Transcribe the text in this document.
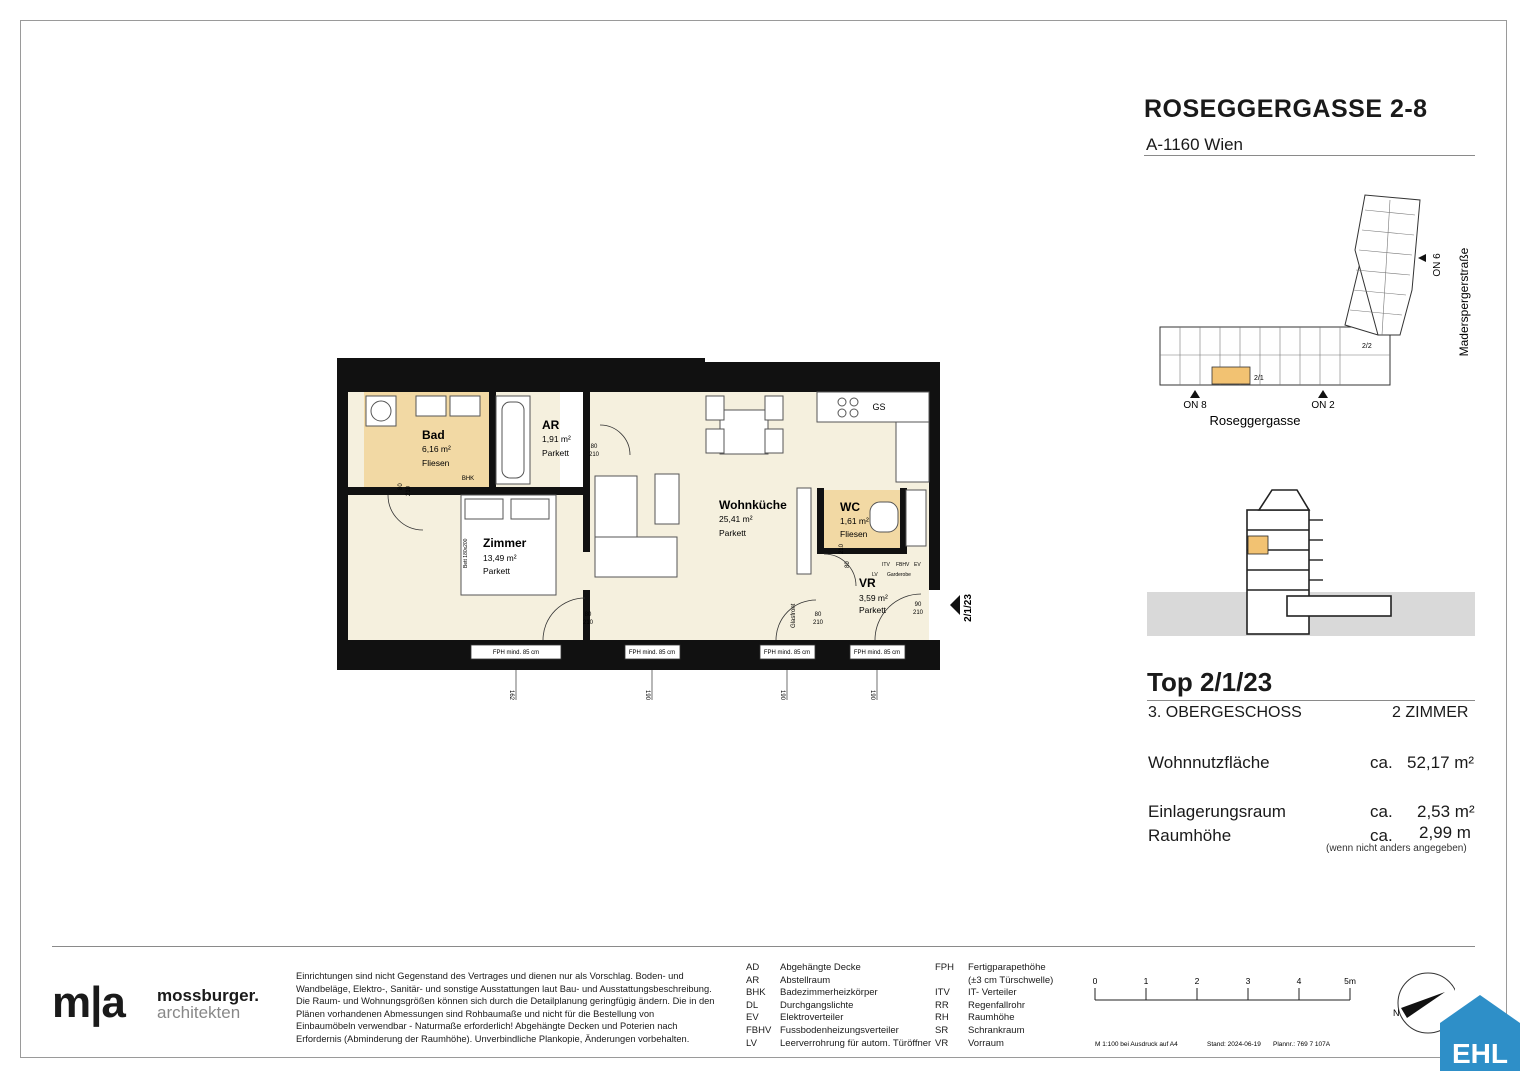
ROSEGGERGASSE 2-8
A-1160 Wien
ON 8	ON 2
ON 6
2/2
2/1
Roseggergasse
Maderspergerstraße
Top 2/1/23
3. OBERGESCHOSS	2 ZIMMER
Wohnnutzfläche	ca. 52,17 m²
Einlagerungsraum	ca. 2,53 m²
Raumhöhe	ca. 2,99 m
(wenn nicht anders angegeben)
FPH mind. 85 cm	FPH mind. 85 cm	FPH mind. 85 cm	FPH mind. 85 cm
162	190	190	190
GS
BHK
Bett 180x200
80
210
80
210
80
210
90
210
80 210
80
210
Glasfront
ITV FBHV EV
LV Garderobe
Bad
AR
Wohnküche	WC
Zimmer
VR
6,16 m²
Fliesen
1,91 m²
Parkett
25,41 m²
Parkett
1,61 m²
Fliesen
13,49 m²
Parkett
3,59 m²
Parkett	2/1/23
m|a mossburger.
architekten
Einrichtungen sind nicht Gegenstand des Vertrages und dienen nur als Vorschlag. Boden- und Wandbeläge, Elektro-, Sanitär- und sonstige Ausstattungen laut Bau- und Ausstattungsbeschreibung. Die Raum- und Wohnungsgrößen können sich durch die Detailplanung geringfügig ändern. Die in den Plänen vorhandenen Abmessungen sind Rohbaumaße und nicht für die Bestellung von Einbaumöbeln verwendbar - Naturmaße erforderlich! Abgehängte Decken und Poterien nach Erfordernis (Abminderung der Raumhöhe). Unverbindliche Plankopie, Änderungen vorbehalten.
AD	Abgehängte Decke
AR	Abstellraum
BHK	Badezimmerheizkörper
DL	Durchgangslichte
EV	Elektroverteiler
FBHV Fussbodenheizungsverteiler
LV	Leerverrohrung für autom. Türöffner
FPH	Fertigparapethöhe
(±3 cm Türschwelle)
ITV	IT- Verteiler
RR	Regenfallrohr
RH	Raumhöhe
SR	Schrankraum
VR	Vorraum
0	1	2	3	4	5m
M 1:100 bei Ausdruck auf A4	Stand: 2024-06-19 Plannr.: 769 7 107A
N
EHL
